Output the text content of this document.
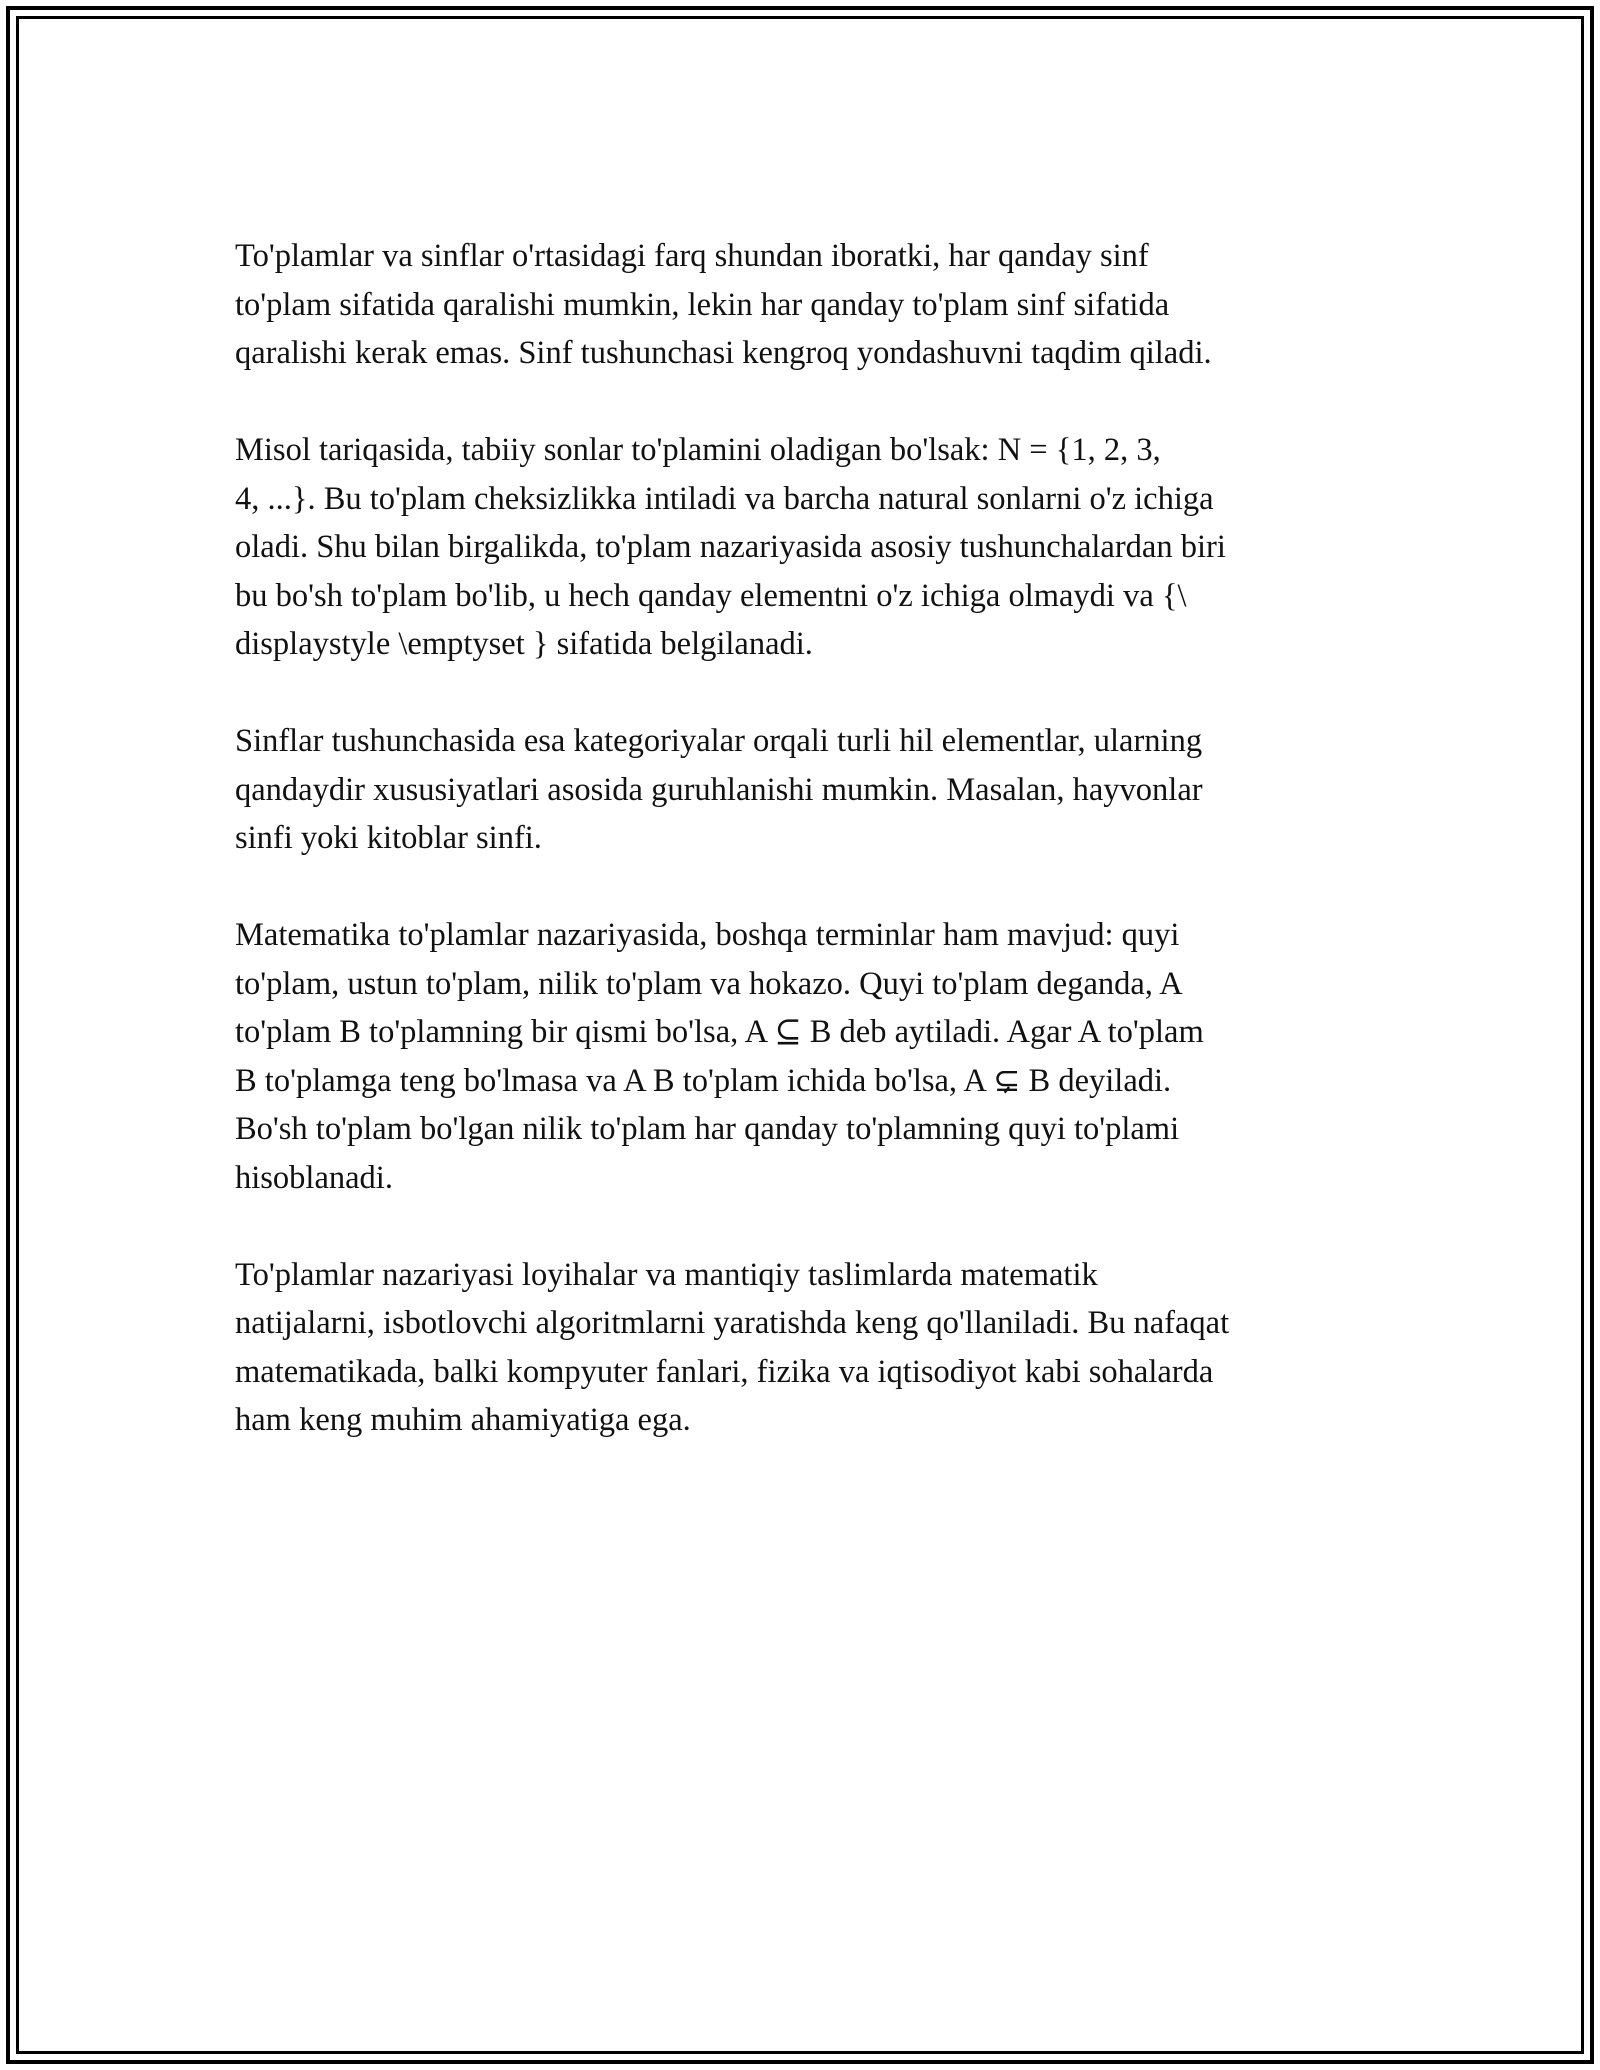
To'plamlar va sinflar o'rtasidagi farq shundan iboratki, har qanday sinf
to'plam sifatida qaralishi mumkin, lekin har qanday to'plam sinf sifatida
qaralishi kerak emas. Sinf tushunchasi kengroq yondashuvni taqdim qiladi.

Misol tariqasida, tabiiy sonlar to'plamini oladigan bo'lsak: N = {1, 2, 3,
4, ...}. Bu to'plam cheksizlikka intiladi va barcha natural sonlarni o'z ichiga
oladi. Shu bilan birgalikda, to'plam nazariyasida asosiy tushunchalardan biri
bu bo'sh to'plam bo'lib, u hech qanday elementni o'z ichiga olmaydi va {\
displaystyle \emptyset } sifatida belgilanadi.

Sinflar tushunchasida esa kategoriyalar orqali turli hil elementlar, ularning
qandaydir xususiyatlari asosida guruhlanishi mumkin. Masalan, hayvonlar
sinfi yoki kitoblar sinfi.

Matematika to'plamlar nazariyasida, boshqa terminlar ham mavjud: quyi
to'plam, ustun to'plam, nilik to'plam va hokazo. Quyi to'plam deganda, A
to'plam B to'plamning bir qismi bo'lsa, A ⊆ B deb aytiladi. Agar A to'plam
B to'plamga teng bo'lmasa va A B to'plam ichida bo'lsa, A ⊊ B deyiladi.
Bo'sh to'plam bo'lgan nilik to'plam har qanday to'plamning quyi to'plami
hisoblanadi.

To'plamlar nazariyasi loyihalar va mantiqiy taslimlarda matematik
natijalarni, isbotlovchi algoritmlarni yaratishda keng qo'llaniladi. Bu nafaqat
matematikada, balki kompyuter fanlari, fizika va iqtisodiyot kabi sohalarda
ham keng muhim ahamiyatiga ega.
